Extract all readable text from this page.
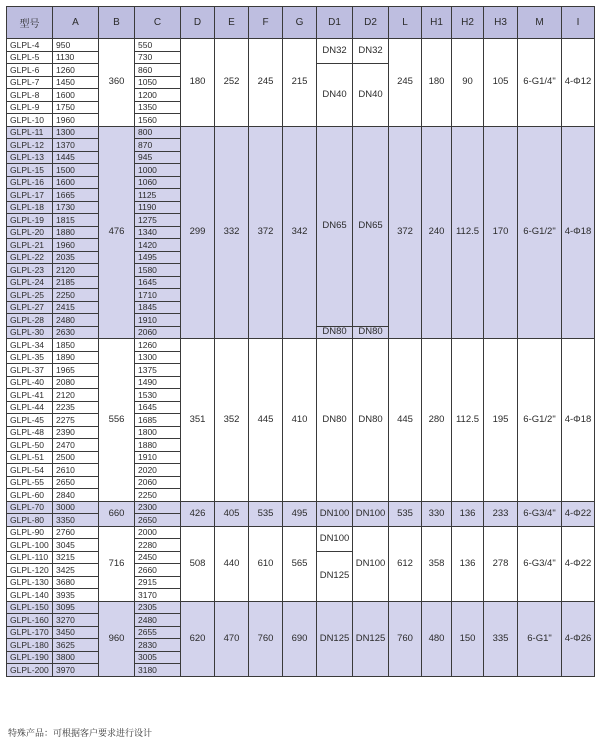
型号	A	B	C	D	E	F	G	D1	D2	L	H1	H2	H3	M	I
GLPL-4	950	360	550	180	252	245	215	DN32	DN32	245	180	90	105	6-G1/4"	4-Φ12
GLPL-5	1130		730												
GLPL-6	1260		860					DN40	DN40						
GLPL-7	1450		1050												
GLPL-8	1600		1200												
GLPL-9	1750		1350												
GLPL-10	1960		1560												
GLPL-11	1300	476	800	299	332	372	342	DN65	DN65	372	240	112.5	170	6-G1/2"	4-Φ18
GLPL-12	1370		870												
GLPL-13	1445		945												
GLPL-15	1500		1000												
GLPL-16	1600		1060												
GLPL-17	1665		1125												
GLPL-18	1730		1190												
GLPL-19	1815		1275												
GLPL-20	1880		1340												
GLPL-21	1960		1420												
GLPL-22	2035		1495												
GLPL-23	2120		1580												
GLPL-24	2185		1645												
GLPL-25	2250		1710												
GLPL-27	2415		1845												
GLPL-28	2480		1910												
GLPL-30	2630		2060					DN80	DN80						
GLPL-34	1850	556	1260	351	352	445	410	DN80	DN80	445	280	112.5	195	6-G1/2"	4-Φ18
GLPL-35	1890		1300												
GLPL-37	1965		1375												
GLPL-40	2080		1490												
GLPL-41	2120		1530												
GLPL-44	2235		1645												
GLPL-45	2275		1685												
GLPL-48	2390		1800												
GLPL-50	2470		1880												
GLPL-51	2500		1910												
GLPL-54	2610		2020												
GLPL-55	2650		2060												
GLPL-60	2840		2250												
GLPL-70	3000	660	2300	426	405	535	495	DN100	DN100	535	330	136	233	6-G3/4"	4-Φ22
GLPL-80	3350		2650												
GLPL-90	2760	716	2000	508	440	610	565	DN100	DN100	612	358	136	278	6-G3/4"	4-Φ22
GLPL-100	3045		2280												
GLPL-110	3215		2450					DN125							
GLPL-120	3425		2660												
GLPL-130	3680		2915												
GLPL-140	3935		3170												
GLPL-150	3095	960	2305	620	470	760	690	DN125	DN125	760	480	150	335	6-G1"	4-Φ26
GLPL-160	3270		2480												
GLPL-170	3450		2655												
GLPL-180	3625		2830												
GLPL-190	3800		3005												
GLPL-200	3970		3180												
特殊产品：可根据客户要求进行设计
